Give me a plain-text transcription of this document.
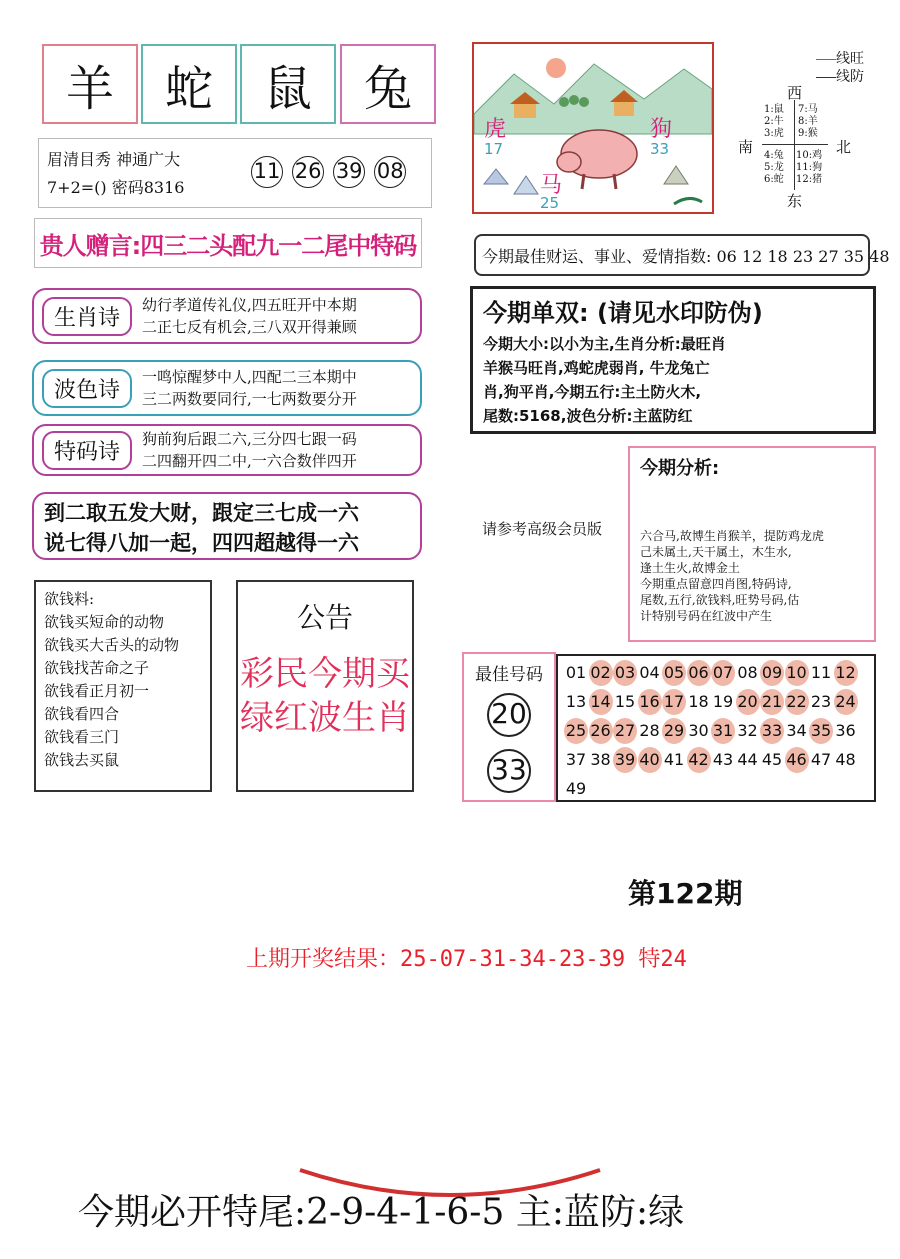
羊	蛇	鼠	兔
眉清目秀 神通广大
7+2=() 密码8316
11 26 39 08
贵人赠言:四三二头配九一二尾中特码
生肖诗
幼行孝道传礼仪,四五旺开中本期
二正七反有机会,三八双开得兼顾
波色诗
一鸣惊醒梦中人,四配二三本期中
三二两数要同行,一七两数要分开
特码诗
狗前狗后跟二六,三分四七跟一码
二四翻开四二中,一六合数伴四开
到二取五发大财，跟定三七成一六
说七得八加一起，四四超越得一六
欲钱料:
欲钱买短命的动物
欲钱买大舌头的动物
欲钱找苦命之子
欲钱看正月初一
欲钱看四合
欲钱看三门
欲钱去买鼠
公告
彩民今期买
绿红波生肖
虎
17
狗
33
马
25
线旺
线防
西
南	北
东
1:鼠
2:牛
3:虎
7:马
8:羊
9:猴
4:兔
5:龙
6:蛇
10:鸡
11:狗
12:猪
今期最佳财运、事业、爱情指数: 06 12 18 23 27 35 48
今期单双: (请见水印防伪)
今期大小:以小为主,生肖分析:最旺肖
羊猴马旺肖,鸡蛇虎弱肖, 牛龙兔亡
肖,狗平肖,今期五行:主土防火木,
尾数:5168,波色分析:主蓝防红
请参考高级会员版
今期分析:
六合马,故博生肖猴羊，提防鸡龙虎
己未属土,天干属土，木生水,
逢土生火,故博金土
今期重点留意四肖图,特码诗,
尾数,五行,欲钱料,旺势号码,估
计特别号码在红波中产生
最佳号码
20
33
01 02 03 04 05 06 07 08 09 10 11 12
13 14 15 16 17 18 19 20 21 22 23 24
25 26 27 28 29 30 31 32 33 34 35 36
37 38 39 40 41 42 43 44 45 46 47 48
49
第122期
上期开奖结果：25-07-31-34-23-39 特24
今期必开特尾:2-9-4-1-6-5 主:蓝防:绿
